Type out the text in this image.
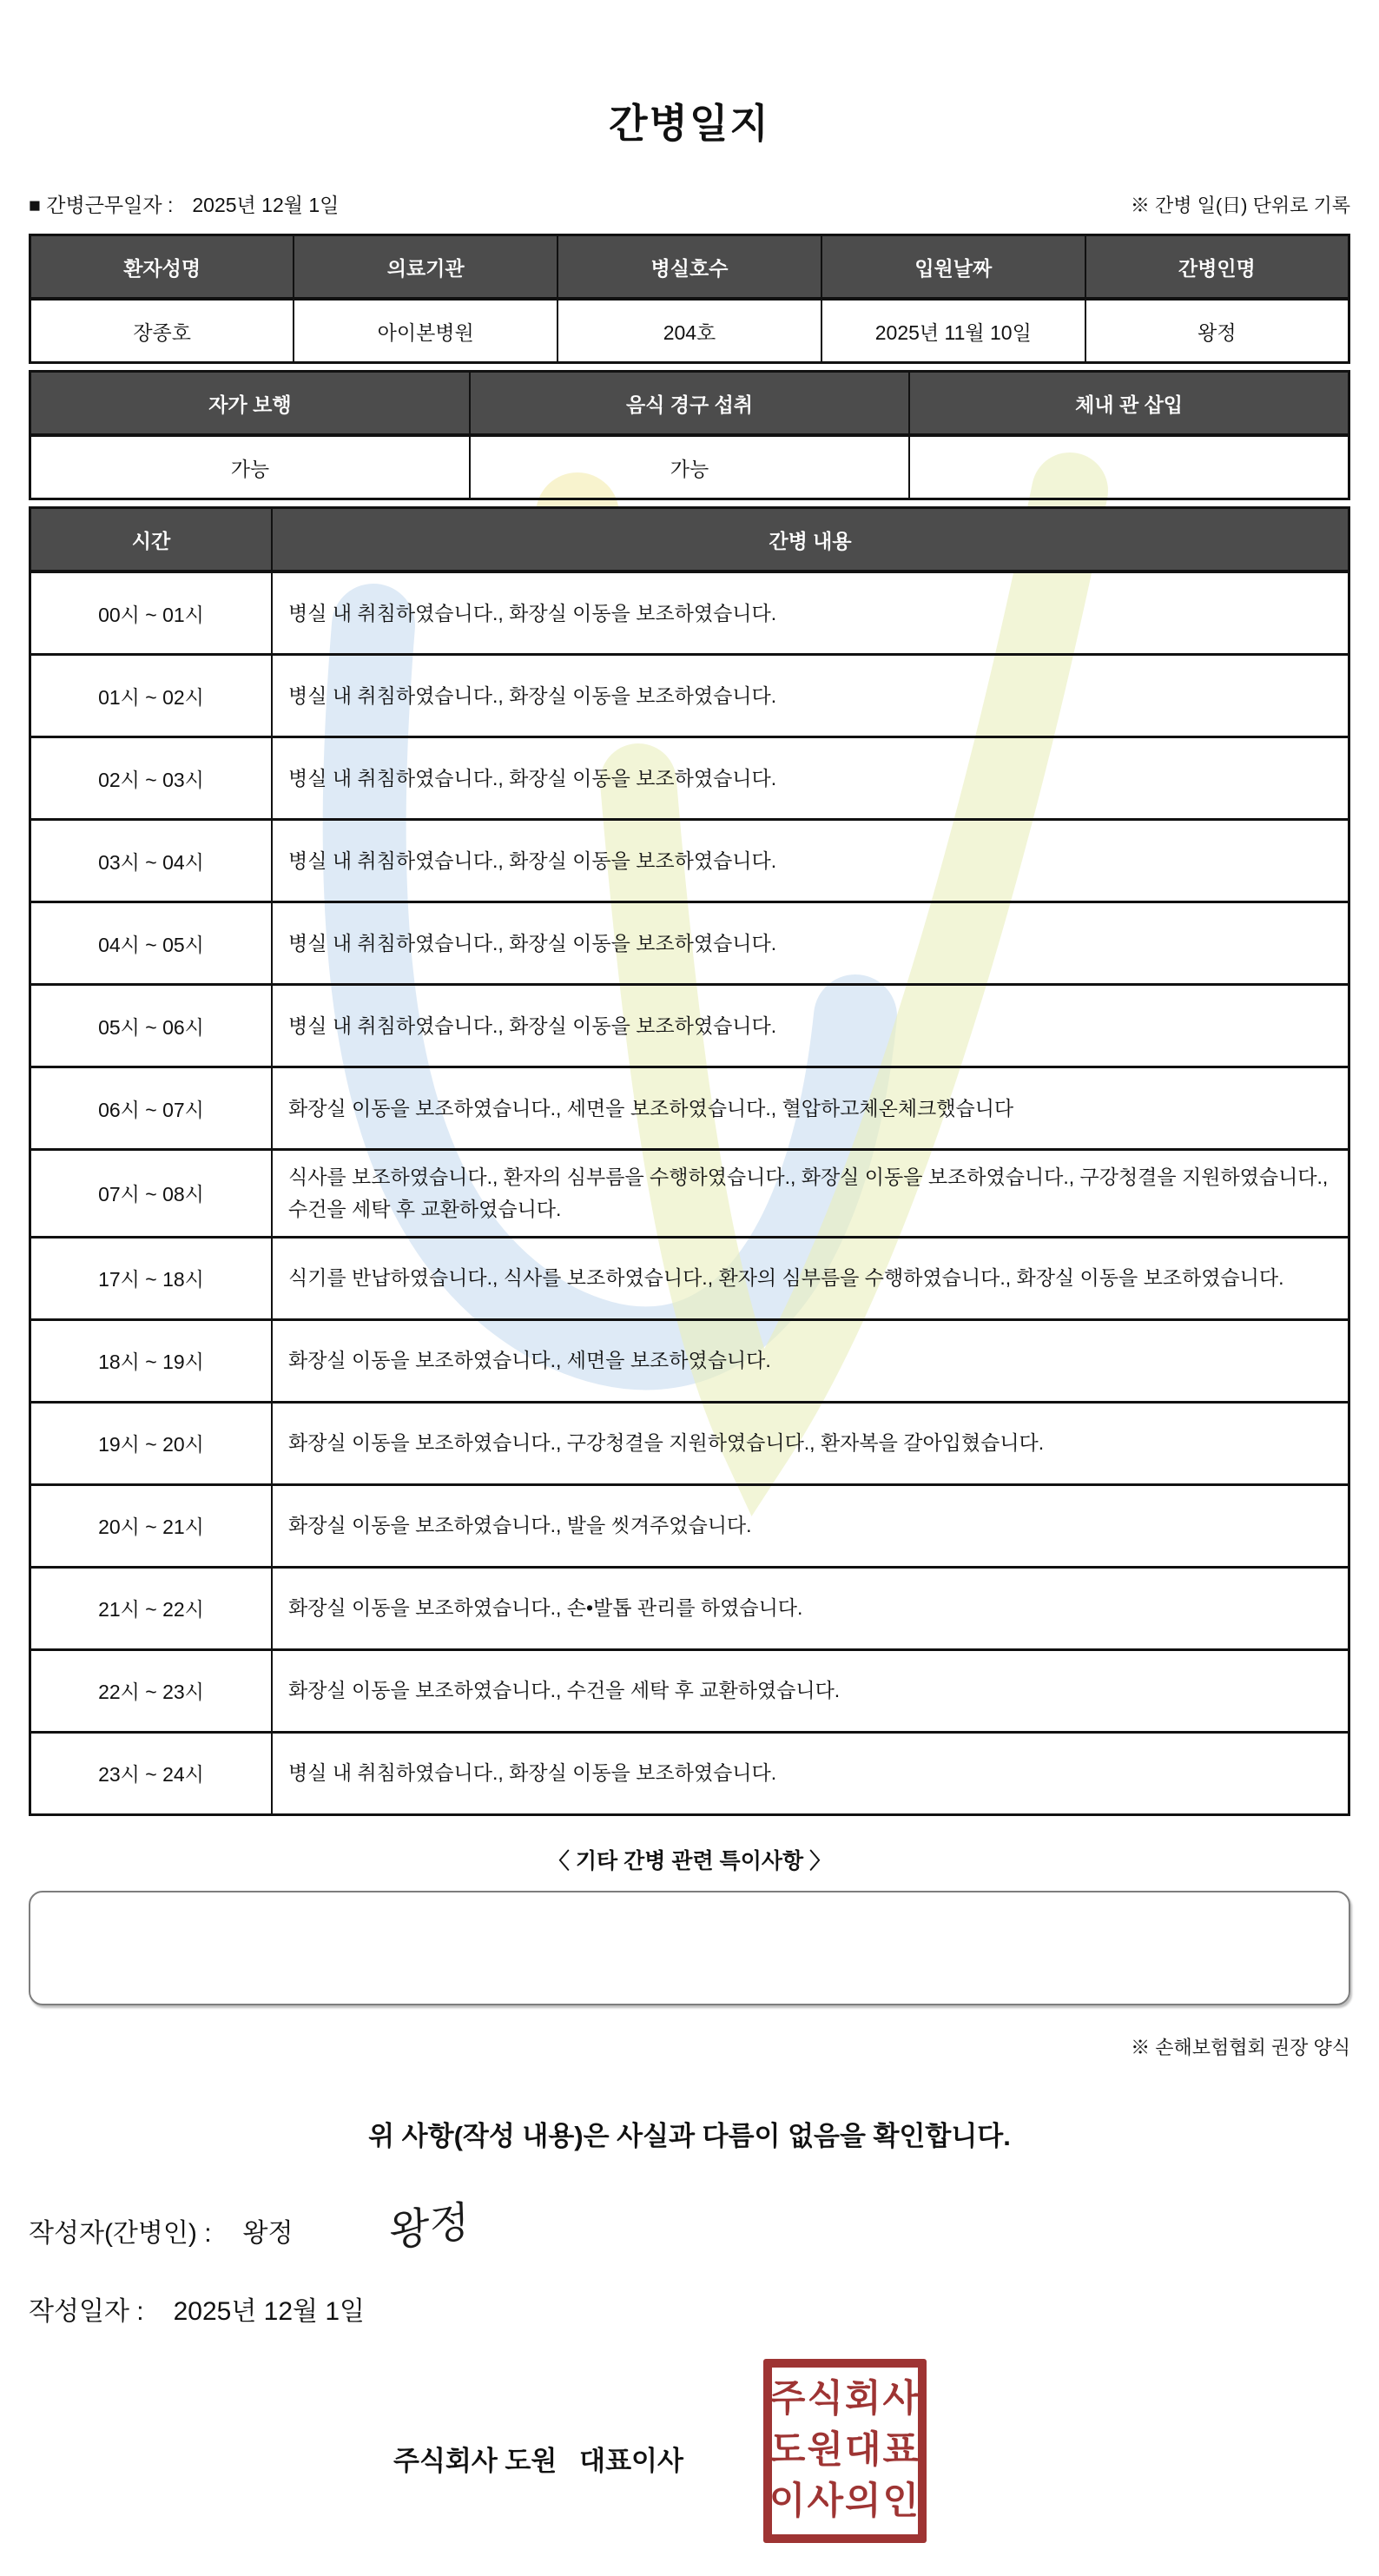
간병일지
■ 간병근무일자 : 2025년 12월 1일	※ 간병 일(日) 단위로 기록
환자성명	의료기관	병실호수	입원날짜	간병인명
장종호	아이본병원	204호	2025년 11월 10일	왕정
자가 보행	음식 경구 섭취	체내 관 삽입
가능	가능	
시간	간병 내용
00시 ~ 01시	병실 내 취침하였습니다., 화장실 이동을 보조하였습니다.
01시 ~ 02시	병실 내 취침하였습니다., 화장실 이동을 보조하였습니다.
02시 ~ 03시	병실 내 취침하였습니다., 화장실 이동을 보조하였습니다.
03시 ~ 04시	병실 내 취침하였습니다., 화장실 이동을 보조하였습니다.
04시 ~ 05시	병실 내 취침하였습니다., 화장실 이동을 보조하였습니다.
05시 ~ 06시	병실 내 취침하였습니다., 화장실 이동을 보조하였습니다.
06시 ~ 07시	화장실 이동을 보조하였습니다., 세면을 보조하였습니다., 혈압하고체온체크했습니다
07시 ~ 08시	식사를 보조하였습니다., 환자의 심부름을 수행하였습니다., 화장실 이동을 보조하였습니다., 구강청결을 지원하였습니다., 수건을 세탁 후 교환하였습니다.
17시 ~ 18시	식기를 반납하였습니다., 식사를 보조하였습니다., 환자의 심부름을 수행하였습니다., 화장실 이동을 보조하였습니다.
18시 ~ 19시	화장실 이동을 보조하였습니다., 세면을 보조하였습니다.
19시 ~ 20시	화장실 이동을 보조하였습니다., 구강청결을 지원하였습니다., 환자복을 갈아입혔습니다.
20시 ~ 21시	화장실 이동을 보조하였습니다., 발을 씻겨주었습니다.
21시 ~ 22시	화장실 이동을 보조하였습니다., 손•발톱 관리를 하였습니다.
22시 ~ 23시	화장실 이동을 보조하였습니다., 수건을 세탁 후 교환하였습니다.
23시 ~ 24시	병실 내 취침하였습니다., 화장실 이동을 보조하였습니다.
〈 기타 간병 관련 특이사항 〉
※ 손해보험협회 권장 양식
위 사항(작성 내용)은 사실과 다름이 없음을 확인합니다.
작성자(간병인) : 왕정 왕정
작성일자 : 2025년 12월 1일
주식회사 도원   대표이사
주식회사
도원대표
이사의인
